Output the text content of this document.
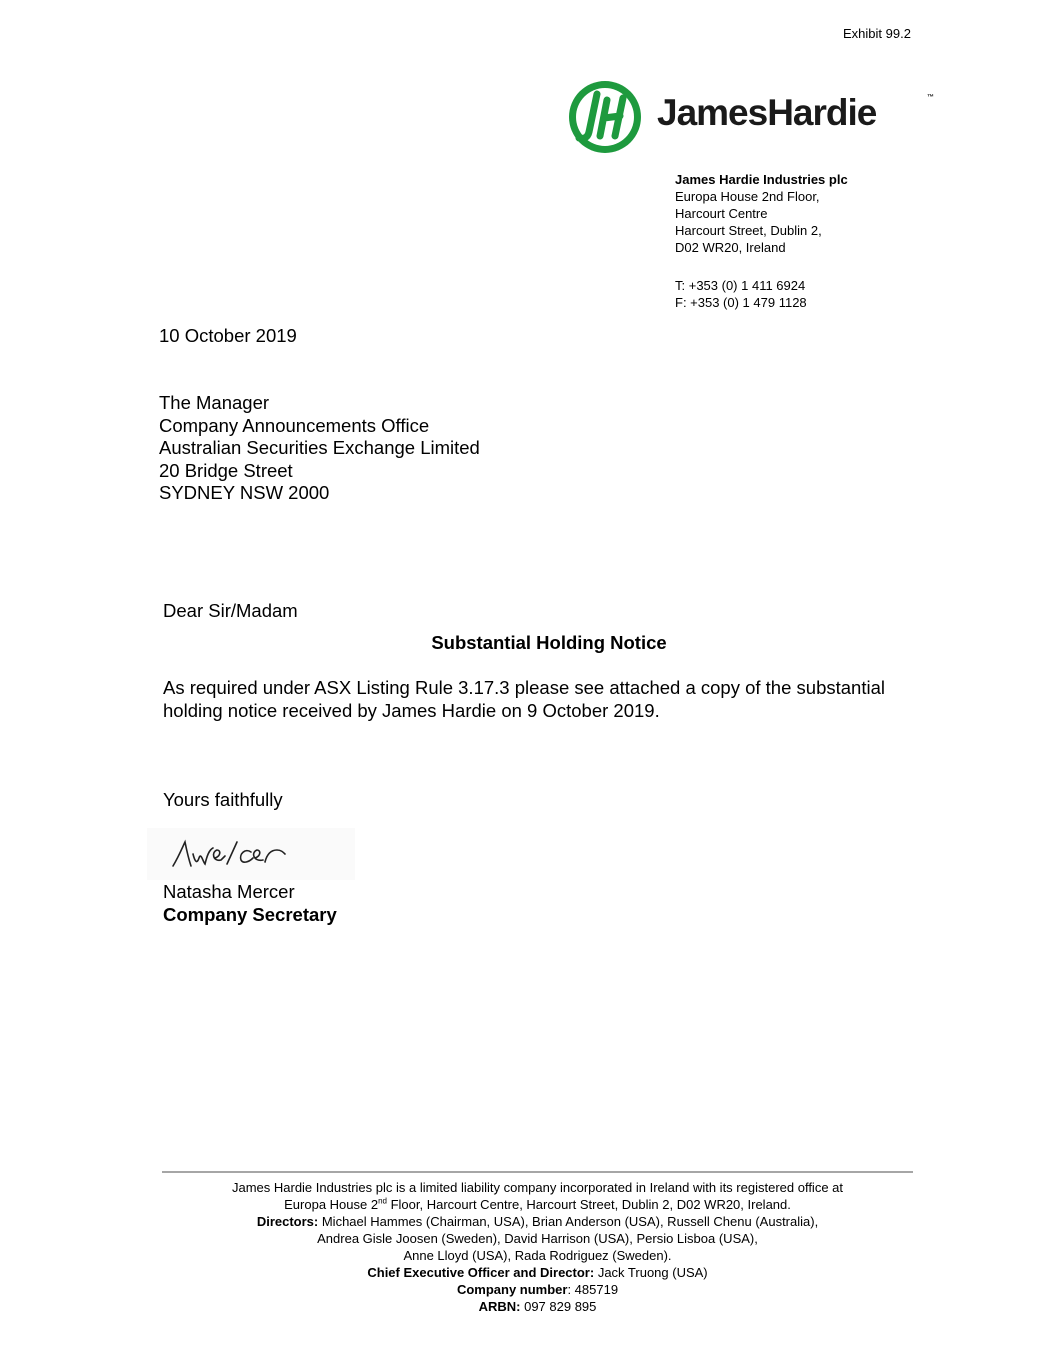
Exhibit 99.2
JamesHardie	™
James Hardie Industries plc
Europa House 2nd Floor,
Harcourt Centre
Harcourt Street, Dublin 2,
D02 WR20, Ireland
T: +353 (0) 1 411 6924
F: +353 (0) 1 479 1128
10 October 2019
The Manager
Company Announcements Office
Australian Securities Exchange Limited
20 Bridge Street
SYDNEY NSW 2000
Dear Sir/Madam
Substantial Holding Notice
As required under ASX Listing Rule 3.17.3 please see attached a copy of the substantial
holding notice received by James Hardie on 9 October 2019.
Yours faithfully
Natasha Mercer
Company Secretary
James Hardie Industries plc is a limited liability company incorporated in Ireland with its registered office at
Europa House 2nd Floor, Harcourt Centre, Harcourt Street, Dublin 2, D02 WR20, Ireland.
Directors: Michael Hammes (Chairman, USA), Brian Anderson (USA), Russell Chenu (Australia),
Andrea Gisle Joosen (Sweden), David Harrison (USA), Persio Lisboa (USA),
Anne Lloyd (USA), Rada Rodriguez (Sweden).
Chief Executive Officer and Director: Jack Truong (USA)
Company number: 485719
ARBN: 097 829 895
